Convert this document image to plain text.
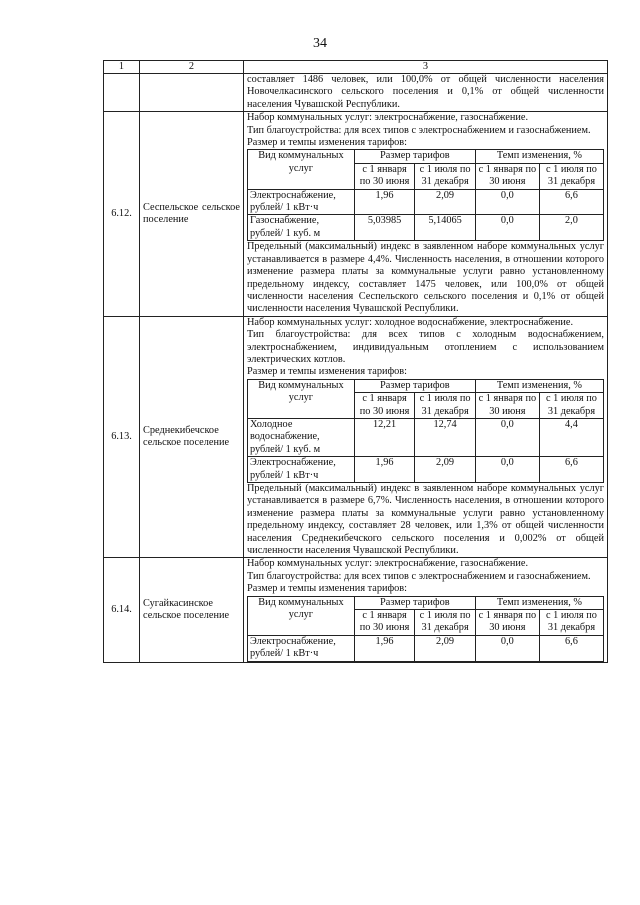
34
1	2	3
		составляет 1486 человек, или 100,0% от общей численности населения Новочелкасинского сельского поселения и 0,1% от общей численности населения Чувашской Республики.
6.12.	Сеспельское сельское поселение	
Набор коммунальных услуг: электроснабжение, газоснабжение.
Тип благоустройства: для всех типов с электроснабжением и газоснабжением.
Размер и темпы изменения тарифов:
Вид коммунальных услуг	Размер тарифов	Темп изменения, %
с 1 января по 30 июня	с 1 июля по 31 декабря	с 1 января по 30 июня	с 1 июля по 31 декабря
Электроснабжение, рублей/ 1 кВт·ч	1,96	2,09	0,0	6,6
Газоснабжение, рублей/ 1 куб. м	5,03985	5,14065	0,0	2,0
Предельный (максимальный) индекс в заявленном наборе коммунальных услуг устанавливается в размере 4,4%. Численность населения, в отношении которого изменение размера платы за коммунальные услуги равно установленному предельному индексу, составляет 1475 человек, или 100,0% от общей численности населения Сеспельского сельского поселения и 0,1% от общей численности населения Чувашской Республики.

6.13.	Среднекибечское сельское поселение	
Набор коммунальных услуг: холодное водоснабжение, электроснабжение.
Тип благоустройства: для всех типов с холодным водоснабжением, электроснабжением, индивидуальным отоплением с использованием электрических котлов.
Размер и темпы изменения тарифов:
Вид коммунальных услуг	Размер тарифов	Темп изменения, %
с 1 января по 30 июня	с 1 июля по 31 декабря	с 1 января по 30 июня	с 1 июля по 31 декабря
Холодное водоснабжение, рублей/ 1 куб. м	12,21	12,74	0,0	4,4
Электроснабжение, рублей/ 1 кВт·ч	1,96	2,09	0,0	6,6
Предельный (максимальный) индекс в заявленном наборе коммунальных услуг устанавливается в размере 6,7%. Численность населения, в отношении которого изменение размера платы за коммунальные услуги равно установленному предельному индексу, составляет 28 человек, или 1,3% от общей численности населения Среднекибечского сельского поселения и 0,002% от общей численности населения Чувашской Республики.

6.14.	Сугайкасинское сельское поселение	
Набор коммунальных услуг: электроснабжение, газоснабжение.
Тип благоустройства: для всех типов с электроснабжением и газоснабжением.
Размер и темпы изменения тарифов:
Вид коммунальных услуг	Размер тарифов	Темп изменения, %
с 1 января по 30 июня	с 1 июля по 31 декабря	с 1 января по 30 июня	с 1 июля по 31 декабря
Электроснабжение, рублей/ 1 кВт·ч	1,96	2,09	0,0	6,6
